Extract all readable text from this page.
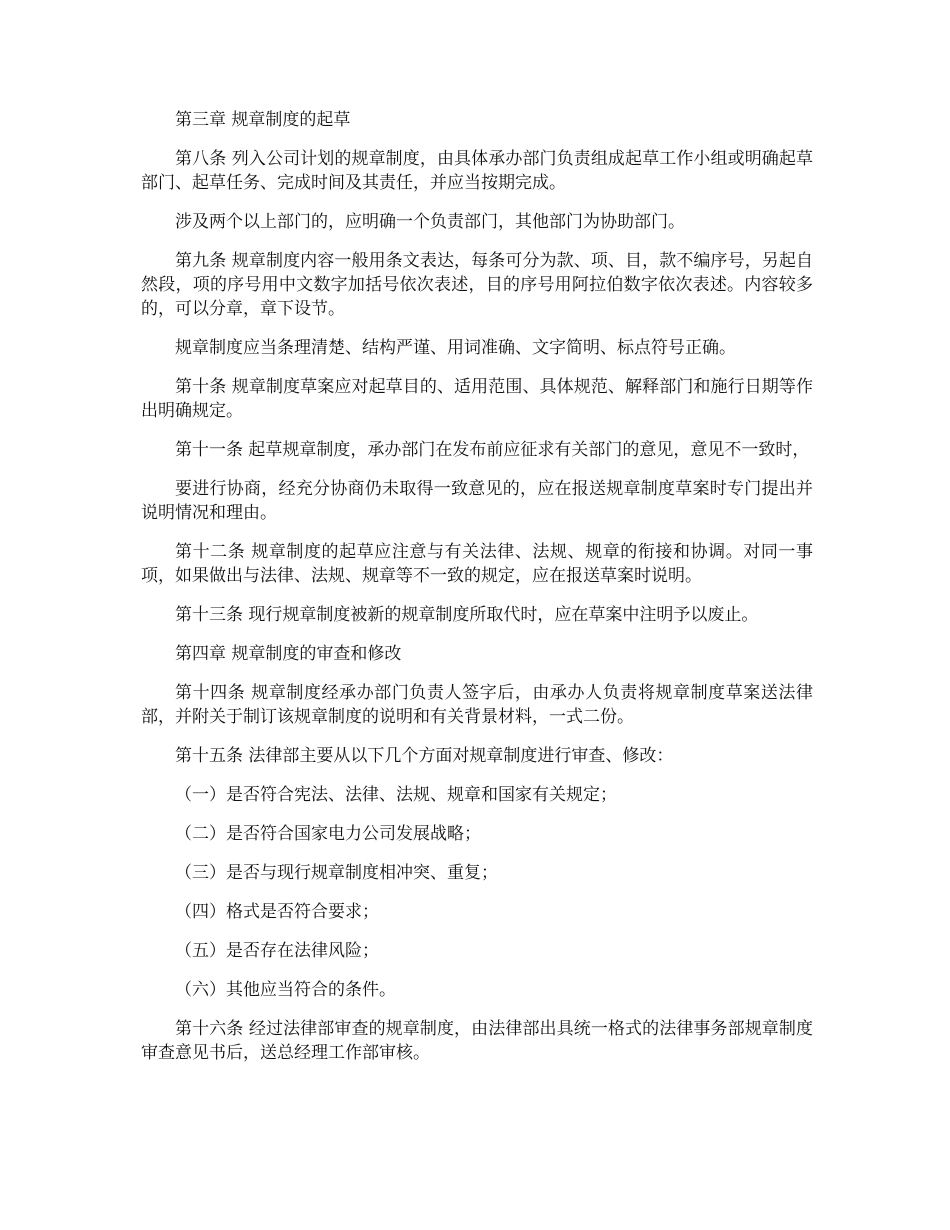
第三章 规章制度的起草

第八条 列入公司计划的规章制度，由具体承办部门负责组成起草工作小组或明确起草部门、起草任务、完成时间及其责任，并应当按期完成。

涉及两个以上部门的，应明确一个负责部门，其他部门为协助部门。

第九条 规章制度内容一般用条文表达，每条可分为款、项、目，款不编序号，另起自然段，项的序号用中文数字加括号依次表述，目的序号用阿拉伯数字依次表述。内容较多的，可以分章，章下设节。

规章制度应当条理清楚、结构严谨、用词准确、文字简明、标点符号正确。

第十条 规章制度草案应对起草目的、适用范围、具体规范、解释部门和施行日期等作出明确规定。

第十一条 起草规章制度，承办部门在发布前应征求有关部门的意见，意见不一致时，

要进行协商，经充分协商仍未取得一致意见的，应在报送规章制度草案时专门提出并说明情况和理由。

第十二条 规章制度的起草应注意与有关法律、法规、规章的衔接和协调。对同一事项，如果做出与法律、法规、规章等不一致的规定，应在报送草案时说明。

第十三条 现行规章制度被新的规章制度所取代时，应在草案中注明予以废止。

第四章 规章制度的审查和修改

第十四条 规章制度经承办部门负责人签字后，由承办人负责将规章制度草案送法律部，并附关于制订该规章制度的说明和有关背景材料，一式二份。

第十五条 法律部主要从以下几个方面对规章制度进行审查、修改：

（一）是否符合宪法、法律、法规、规章和国家有关规定；

（二）是否符合国家电力公司发展战略；

（三）是否与现行规章制度相冲突、重复；

（四）格式是否符合要求；

（五）是否存在法律风险；

（六）其他应当符合的条件。

第十六条 经过法律部审查的规章制度，由法律部出具统一格式的法律事务部规章制度审查意见书后，送总经理工作部审核。
